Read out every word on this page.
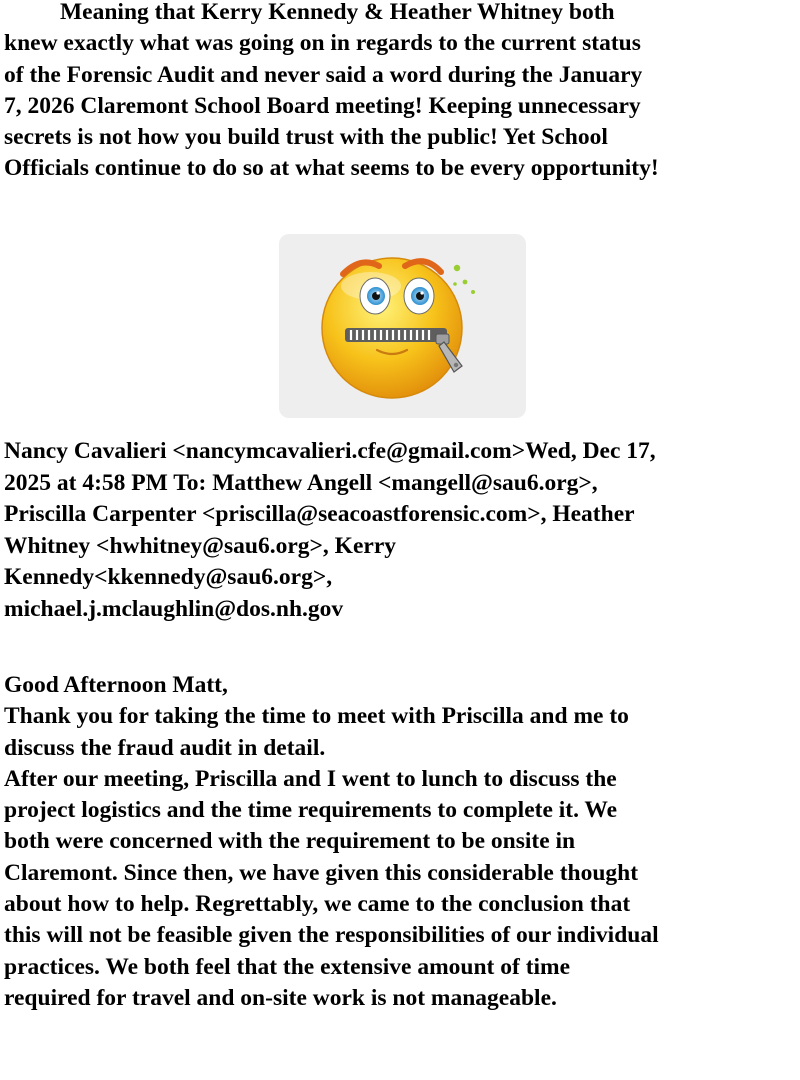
Meaning that Kerry Kennedy & Heather Whitney both
knew exactly what was going on in regards to the current status
of the Forensic Audit and never said a word during the January
7, 2026 Claremont School Board meeting! Keeping unnecessary
secrets is not how you build trust with the public! Yet School
Officials continue to do so at what seems to be every opportunity!

Nancy Cavalieri <nancymcavalieri.cfe@gmail.com>Wed, Dec 17,
2025 at 4:58 PM To: Matthew Angell <mangell@sau6.org>,
Priscilla Carpenter <priscilla@seacoastforensic.com>, Heather
Whitney <hwhitney@sau6.org>, Kerry
Kennedy<kkennedy@sau6.org>,
michael.j.mclaughlin@dos.nh.gov

Good Afternoon Matt,
Thank you for taking the time to meet with Priscilla and me to
discuss the fraud audit in detail.
After our meeting, Priscilla and I went to lunch to discuss the
project logistics and the time requirements to complete it. We
both were concerned with the requirement to be onsite in
Claremont. Since then, we have given this considerable thought
about how to help. Regrettably, we came to the conclusion that
this will not be feasible given the responsibilities of our individual
practices. We both feel that the extensive amount of time
required for travel and on-site work is not manageable.
